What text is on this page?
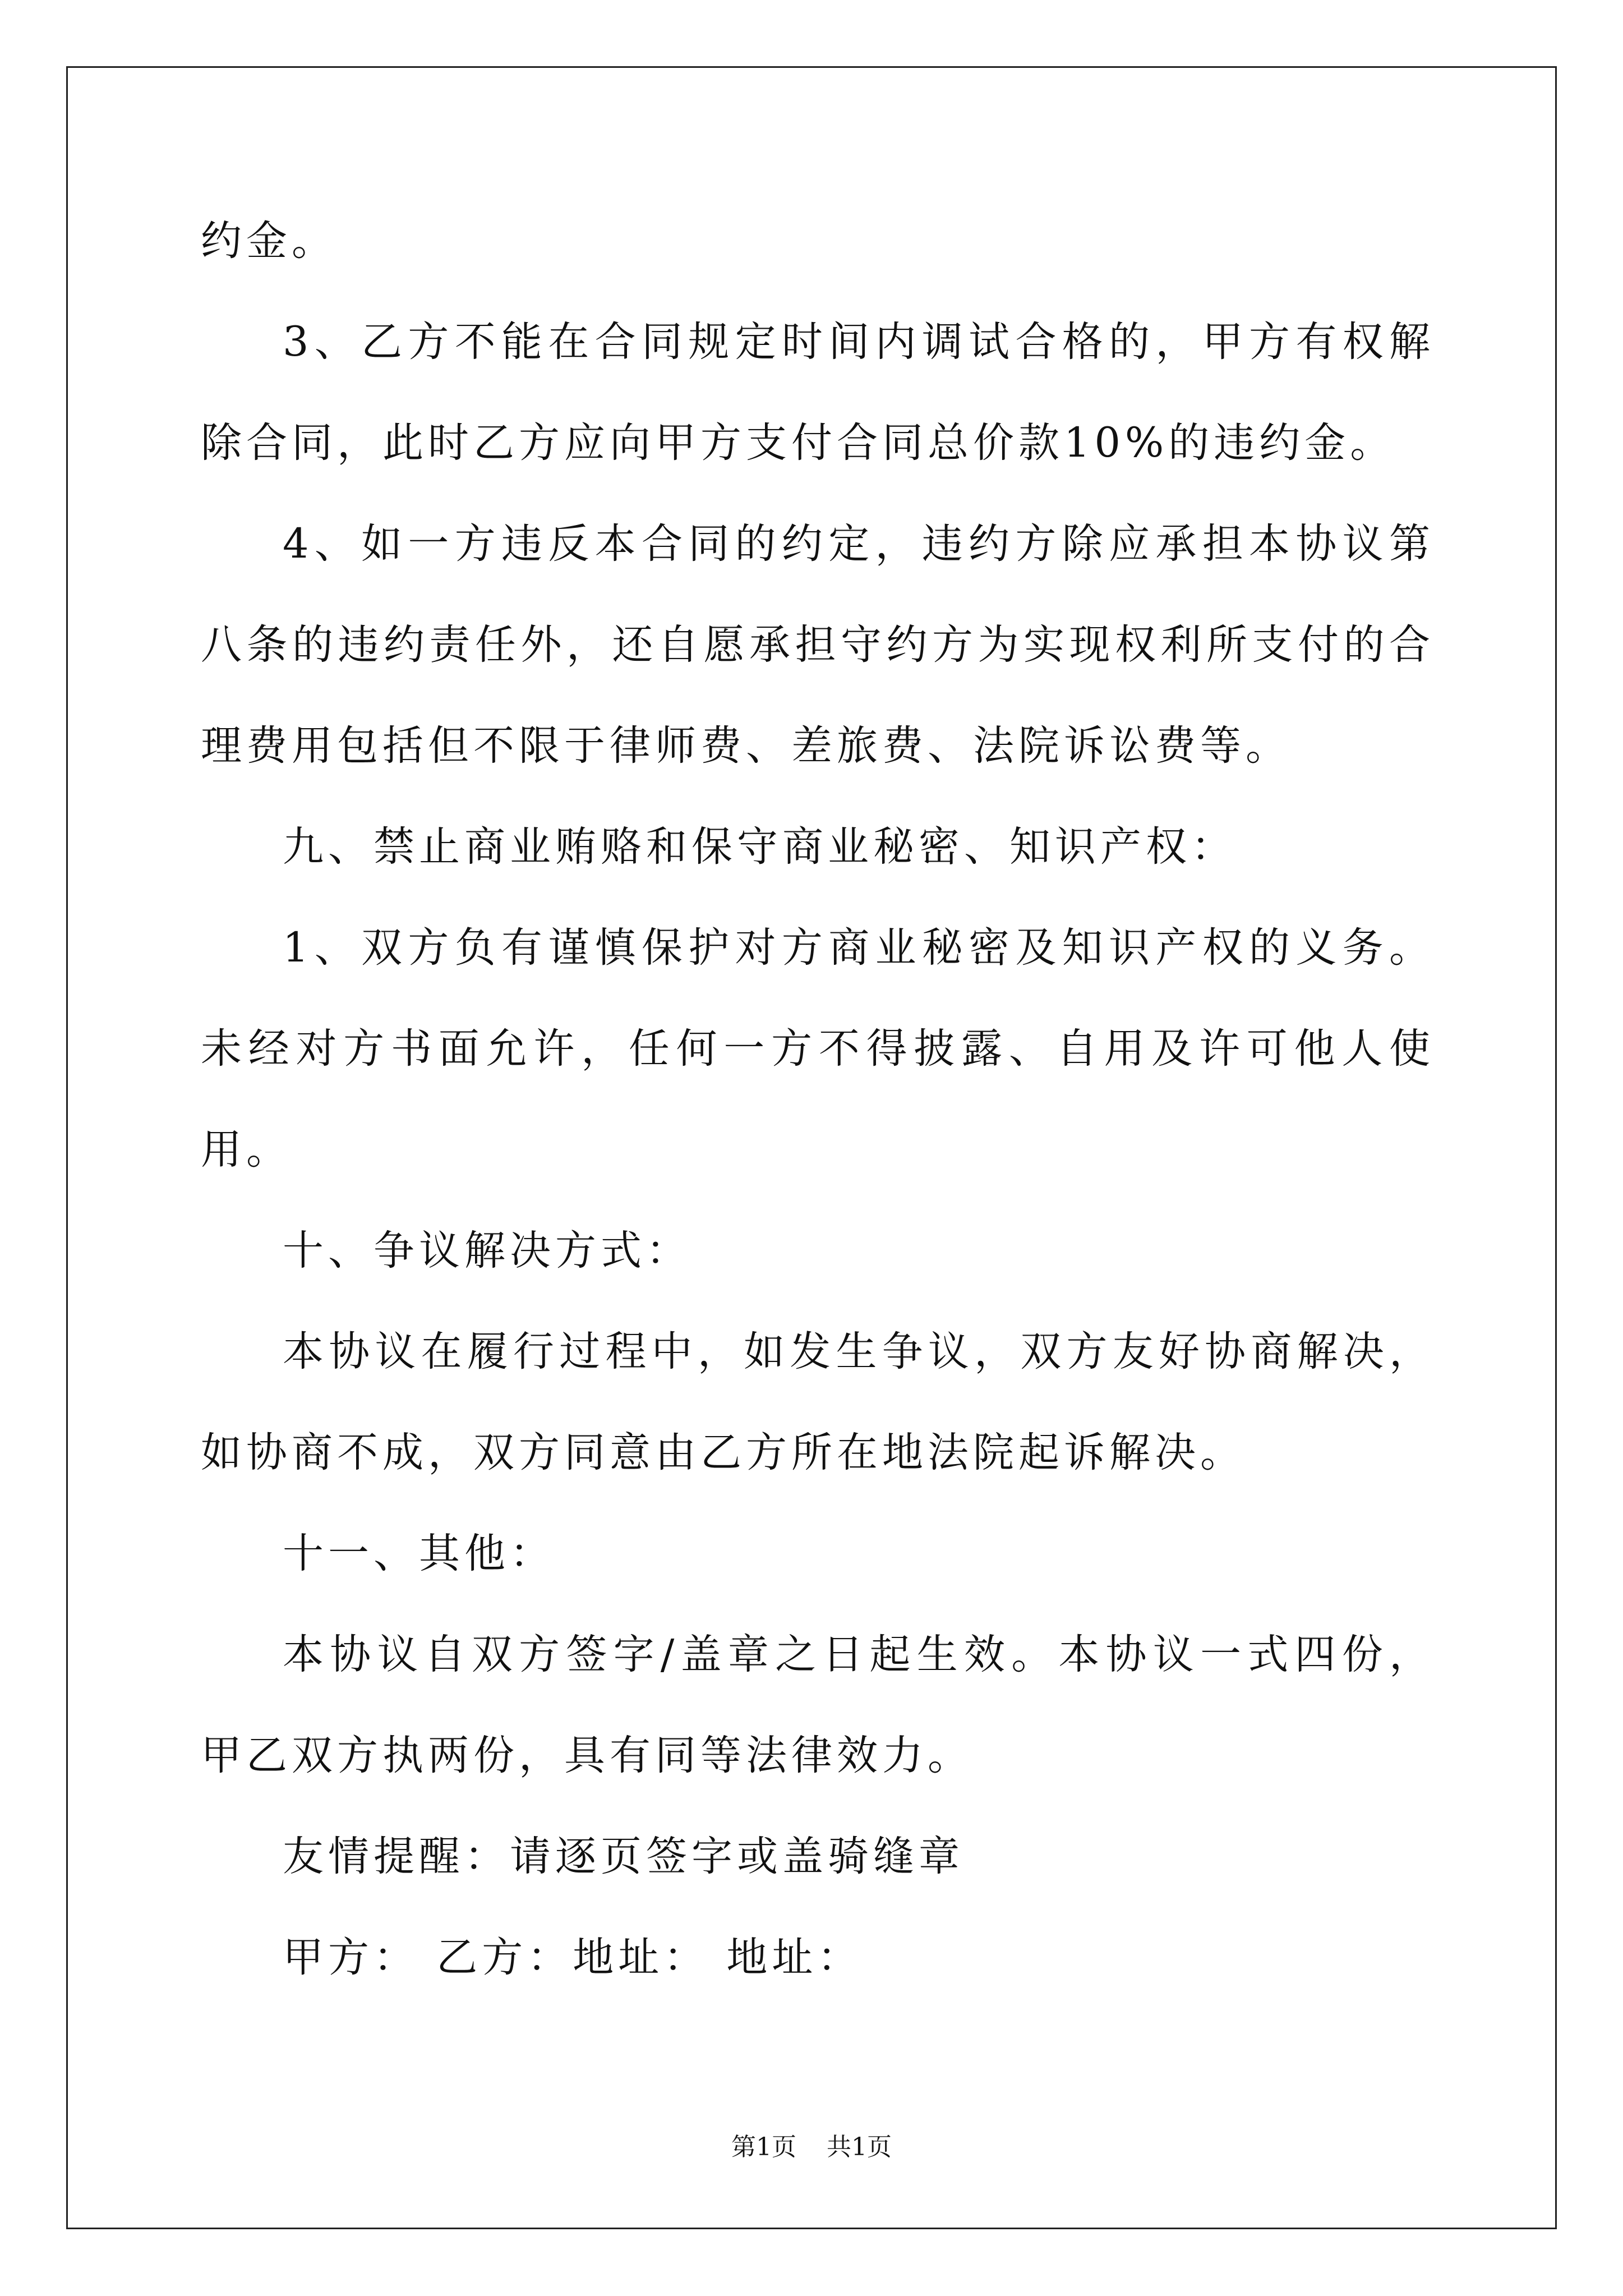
约金。

3、乙方不能在合同规定时间内调试合格的，甲方有权解除合同，此时乙方应向甲方支付合同总价款10%的违约金。

4、如一方违反本合同的约定，违约方除应承担本协议第八条的违约责任外，还自愿承担守约方为实现权利所支付的合理费用包括但不限于律师费、差旅费、法院诉讼费等。

九、禁止商业贿赂和保守商业秘密、知识产权：

1、双方负有谨慎保护对方商业秘密及知识产权的义务。未经对方书面允许，任何一方不得披露、自用及许可他人使用。

十、争议解决方式：

本协议在履行过程中，如发生争议，双方友好协商解决，如协商不成，双方同意由乙方所在地法院起诉解决。

十一、其他：

本协议自双方签字/盖章之日起生效。本协议一式四份，甲乙双方执两份，具有同等法律效力。

友情提醒：请逐页签字或盖骑缝章

甲方： 乙方：地址： 地址：

第1页 共1页
